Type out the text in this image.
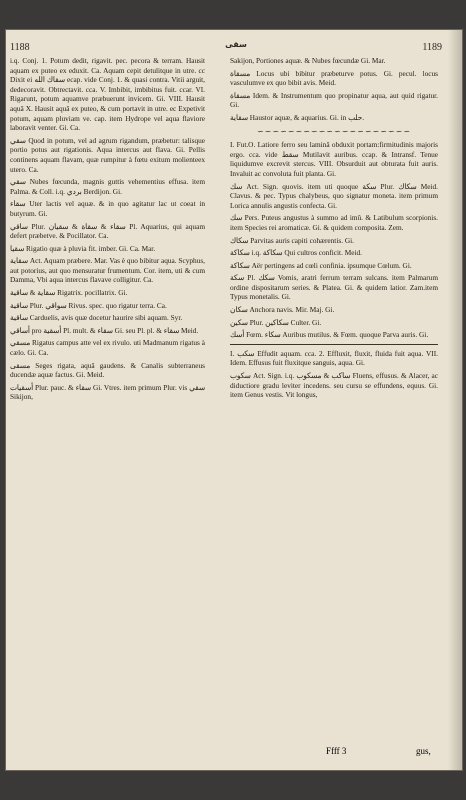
1188	سقى	1189

i.q. Conj. 1. Potum dedit, rigavit. pec. pecora & terram. Hausit aquam ex puteo ex eduxit. Ca. Aquam cepit detulitque in utre. cc Dixit ei سقاك الله ecap. vide Conj. 1. & quasi contra. Vitii arguit, dedecoravit. Obtrectavit. cca. V. Imbibit, imbibitus fuit. ccar. VI. Rigarunt, potum aquamve præbuerunt invicem. Gi. VIII. Hausit aquâ X. Hausit aquâ ex puteo, & cum portavit in utre. ec Expetivit potum, aquam pluviam ve. cap. item Hydrope vel aqua flaviore laboravit venter. Gi. Ca.

سقي Quod in potum, vel ad agrum rigandum, præbetur: talisque portio potus aut rigationis. Aqua intercus aut flava. Gi. Pellis continens aquam flavam, quæ rumpitur à fœtu exitum molienteex utero. Ca.

سقي Nubes fœcunda, magnis guttis vehementius effusa. item Palma. & Coll. i.q. بردي Berdijon. Gi.

سقاء Uter lactis vel aquæ. & in quo agitatur lac ut coeat in butyrum. Gi.

ساقي Plur. سقاء & سقاة & سقيان Pl. Aquarius, qui aquam defert præbetve. & Pocillator. Ca.

سقيا Rigatio quæ à pluvia fit. imber. Gi. Ca. Mar.

سقاية Act. Aquam præbere. Mar. Vas è quo bibitur aqua. Scyphus, aut potorius, aut quo mensuratur frumentum. Cor. item, uti & cum Damma, Vbi aqua intercus flavave colligitur. Ca.

سقاية & ساقية Rigatrix. pocillatrix. Gi.

ساقية Plur. سواقي Rivus. spec. quo rigatur terra. Ca.

ساقية Carduelis, avis quæ docetur haurire sibi aquam. Syr.

أساقي pro أسقية Pl. mult. & سقاء Gi. seu Pl. pl. & سقاء Meid.

مسقي Rigatus campus atte vel ex rivulo. uti Madmanum rigatus à cælo. Gi. Ca.

مسقى Seges rigata, aquâ gaudens. & Canalis subterraneus ducendæ aquæ factus. Gi. Meid.

أسقيات Plur. pauc. & سقاء Gi. Vtres. item primum Plur. vis سقي Sikijon,

Sakijon, Portiones aquæ. & Nubes fœcundæ Gi. Mar.

مسقاة Locus ubi bibitur præbeturve potus. Gi. pecul. locus vasculumve ex quo bibit avis. Meid.

مسقاة Idem. & Instrumentum quo propinatur aqua, aut quid rigatur. Gi.

سقاية Haustor aquæ, & aquarius. Gi. in حلب.

∽∽∽∽∽∽∽∽∽∽∽∽∽∽∽∽∽∽∽∽

I. Fut.O. Latiore ferro seu laminâ obduxit portam:firmitudinis majoris ergo. cca. vide سقط Mutilavit auribus. ccap. & Intransf. Tenue liquidumve excrevit stercus. VIII. Obsurduit aut obturata fuit auris. Invaluit ac convoluta fuit planta. Gi.

سك Act. Sign. quovis. item uti quoque سكة Plur. سكاك Meid. Clavus. & pec. Typus chalybeus, quo signatur moneta. item primum Lorica annulis angustis confecta. Gi.

سك Pers. Puteus angustus à summo ad imû. & Latibulum scorpionis. item Species rei aromaticæ. Gi. & quidem composita. Zem.

سكاك Parvitas auris capiti cohærentis. Gi.

سكاكة i.q. سكاكة Qui cultros conficit. Meid.

سكاكة Aër pertingens ad cœli confinia. ipsumque Cœlum. Gi.

سكة Pl. سكك Vomis, aratri ferrum terram sulcans. item Palmarum ordine dispositarum series. & Platea. Gi. & quidem latior. Zam.item Typus monetalis. Gi.

سكان Anchora navis. Mir. Maj. Gi.

سكين Plur. سكاكين Culter. Gi.

أسك Fœm. سكاء Auribus mutilus. & Fœm. quoque Parva auris. Gi.

I. سكب Effudit aquam. cca. 2. Effluxit, fluxit, fluida fuit aqua. VII. Idem. Effusus fuit fluxitque sanguis, aqua. Gi.

سكوب Act. Sign. i.q. ساكب & مسكوب Fluens, effusus. & Alacer, ac diductiore gradu leviter incedens. seu cursu se effundens, equus. Gi. item Genus vestis. Vit longus,

Ffff 3	gus,
